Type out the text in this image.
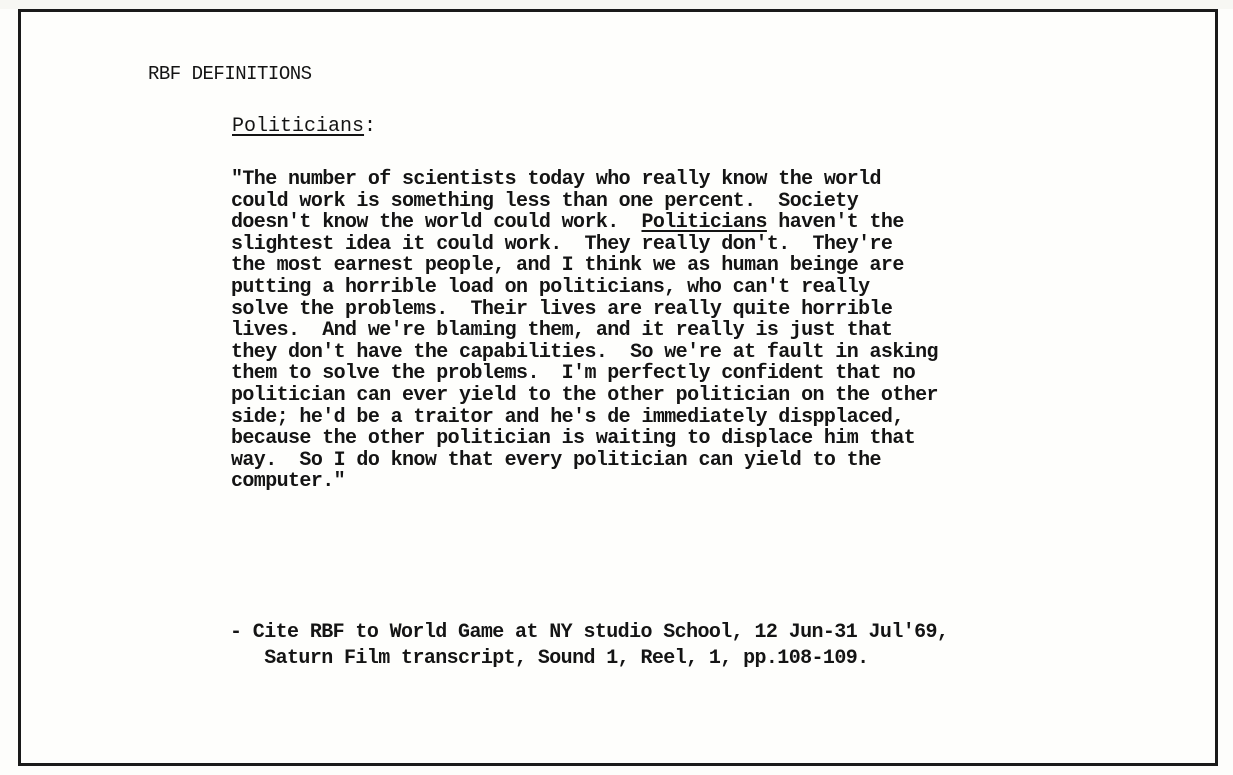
RBF DEFINITIONS
Politicians:
"The number of scientists today who really know the world
could work is something less than one percent.  Society
doesn't know the world could work.  Politicians haven't the
slightest idea it could work.  They really don't.  They're
the most earnest people, and I think we as human beinge are
putting a horrible load on politicians, who can't really
solve the problems.  Their lives are really quite horrible
lives.  And we're blaming them, and it really is just that
they don't have the capabilities.  So we're at fault in asking
them to solve the problems.  I'm perfectly confident that no
politician can ever yield to the other politician on the other
side; he'd be a traitor and he's de immediately dispplaced,
because the other politician is waiting to displace him that
way.  So I do know that every politician can yield to the
computer."
- Cite RBF to World Game at NY studio School, 12 Jun-31 Jul'69,
Saturn Film transcript, Sound 1, Reel, 1, pp.108-109.
